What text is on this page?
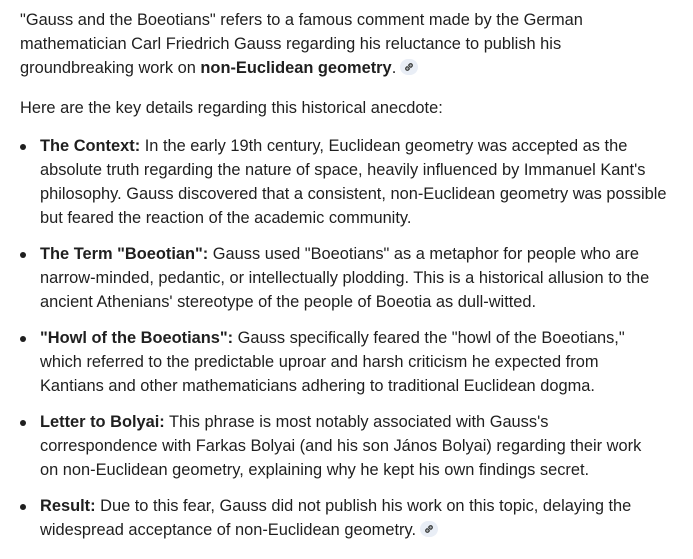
"Gauss and the Boeotians" refers to a famous comment made by the German mathematician Carl Friedrich Gauss regarding his reluctance to publish his groundbreaking work on non-Euclidean geometry.

Here are the key details regarding this historical anecdote:

The Context: In the early 19th century, Euclidean geometry was accepted as the absolute truth regarding the nature of space, heavily influenced by Immanuel Kant's philosophy. Gauss discovered that a consistent, non-Euclidean geometry was possible but feared the reaction of the academic community.
The Term "Boeotian": Gauss used "Boeotians" as a metaphor for people who are narrow-minded, pedantic, or intellectually plodding. This is a historical allusion to the ancient Athenians' stereotype of the people of Boeotia as dull-witted.
"Howl of the Boeotians": Gauss specifically feared the "howl of the Boeotians," which referred to the predictable uproar and harsh criticism he expected from Kantians and other mathematicians adhering to traditional Euclidean dogma.
Letter to Bolyai: This phrase is most notably associated with Gauss's correspondence with Farkas Bolyai (and his son János Bolyai) regarding their work on non-Euclidean geometry, explaining why he kept his own findings secret.
Result: Due to this fear, Gauss did not publish his work on this topic, delaying the widespread acceptance of non-Euclidean geometry.
